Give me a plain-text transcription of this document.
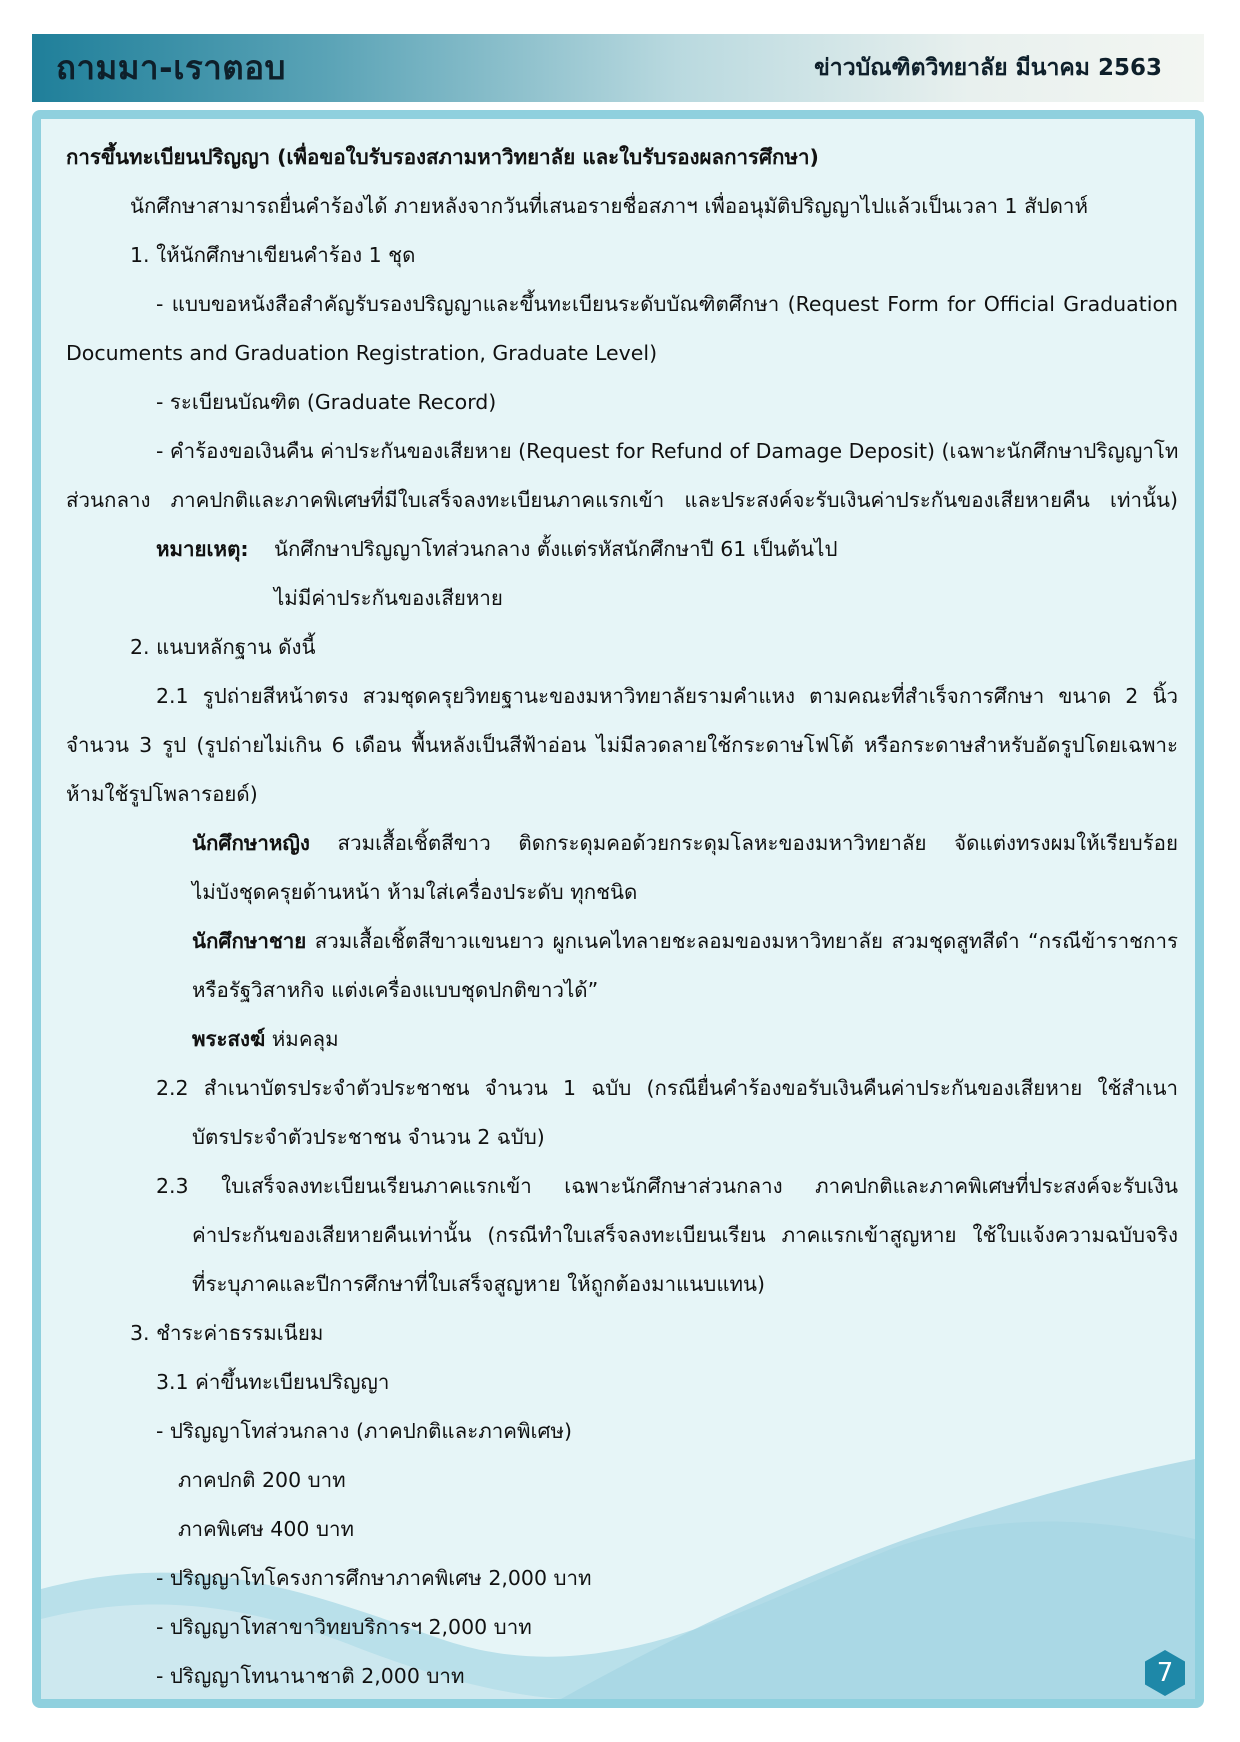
ถามมา-เราตอบ	ข่าวบัณฑิตวิทยาลัย มีนาคม 2563
การขึ้นทะเบียนปริญญา (เพื่อขอใบรับรองสภามหาวิทยาลัย และใบรับรองผลการศึกษา)
นักศึกษาสามารถยื่นคำร้องได้ ภายหลังจากวันที่เสนอรายชื่อสภาฯ เพื่ออนุมัติปริญญาไปแล้วเป็นเวลา 1 สัปดาห์
1. ให้นักศึกษาเขียนคำร้อง 1 ชุด
- แบบขอหนังสือสำคัญรับรองปริญญาและขึ้นทะเบียนระดับบัณฑิตศึกษา (Request Form for Official Graduation
Documents and Graduation Registration, Graduate Level)
- ระเบียนบัณฑิต (Graduate Record)
- คำร้องขอเงินคืน ค่าประกันของเสียหาย (Request for Refund of Damage Deposit) (เฉพาะนักศึกษาปริญญาโท
ส่วนกลาง ภาคปกติและภาคพิเศษที่มีใบเสร็จลงทะเบียนภาคแรกเข้า และประสงค์จะรับเงินค่าประกันของเสียหายคืน เท่านั้น)
หมายเหตุ: นักศึกษาปริญญาโทส่วนกลาง ตั้งแต่รหัสนักศึกษาปี 61 เป็นต้นไป
ไม่มีค่าประกันของเสียหาย
2. แนบหลักฐาน ดังนี้
2.1 รูปถ่ายสีหน้าตรง สวมชุดครุยวิทยฐานะของมหาวิทยาลัยรามคำแหง ตามคณะที่สำเร็จการศึกษา ขนาด 2 นิ้ว
จำนวน 3 รูป (รูปถ่ายไม่เกิน 6 เดือน พื้นหลังเป็นสีฟ้าอ่อน ไม่มีลวดลายใช้กระดาษโฟโต้ หรือกระดาษสำหรับอัดรูปโดยเฉพาะ
ห้ามใช้รูปโพลารอยด์)
นักศึกษาหญิง สวมเสื้อเชิ้ตสีขาว ติดกระดุมคอด้วยกระดุมโลหะของมหาวิทยาลัย จัดแต่งทรงผมให้เรียบร้อย
ไม่บังชุดครุยด้านหน้า ห้ามใส่เครื่องประดับ ทุกชนิด
นักศึกษาชาย สวมเสื้อเชิ้ตสีขาวแขนยาว ผูกเนคไทลายชะลอมของมหาวิทยาลัย สวมชุดสูทสีดำ “กรณีข้าราชการ
หรือรัฐวิสาหกิจ แต่งเครื่องแบบชุดปกติขาวได้”
พระสงฆ์ ห่มคลุม
2.2 สำเนาบัตรประจำตัวประชาชน จำนวน 1 ฉบับ (กรณียื่นคำร้องขอรับเงินคืนค่าประกันของเสียหาย ใช้สำเนา
บัตรประจำตัวประชาชน จำนวน 2 ฉบับ)
2.3 ใบเสร็จลงทะเบียนเรียนภาคแรกเข้า เฉพาะนักศึกษาส่วนกลาง ภาคปกติและภาคพิเศษที่ประสงค์จะรับเงิน
ค่าประกันของเสียหายคืนเท่านั้น (กรณีทำใบเสร็จลงทะเบียนเรียน ภาคแรกเข้าสูญหาย ใช้ใบแจ้งความฉบับจริง
ที่ระบุภาคและปีการศึกษาที่ใบเสร็จสูญหาย ให้ถูกต้องมาแนบแทน)
3. ชำระค่าธรรมเนียม
3.1 ค่าขึ้นทะเบียนปริญญา
- ปริญญาโทส่วนกลาง (ภาคปกติและภาคพิเศษ)
ภาคปกติ 200 บาท
ภาคพิเศษ 400 บาท
- ปริญญาโทโครงการศึกษาภาคพิเศษ 2,000 บาท
- ปริญญาโทสาขาวิทยบริการฯ 2,000 บาท
- ปริญญาโทนานาชาติ 2,000 บาท	7
